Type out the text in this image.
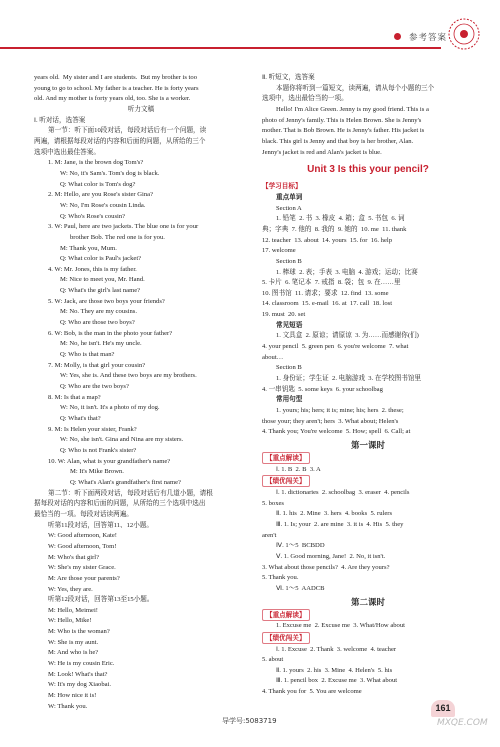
参考答案
years old.  My sister and I are students.  But my brother is too
young to go to school. My father is a teacher. He is forty years
old. And my mother is forty years old, too. She is a worker.
听力文稿
Ⅰ. 听对话，选答案
第一节：听下面10段对话，每段对话后有一个问题，读
两遍，请根据每段对话的内容和后面的问题，从所给的三个
选项中选出最佳答案。
1. M: Jane, is the brown dog Tom's?
W: No, it's Sam's. Tom's dog is black.
Q: What color is Tom's dog?
2. M: Hello, are you Rose's sister Gina?
W: No, I'm Rose's cousin Linda.
Q: Who's Rose's cousin?
3. W: Paul, here are two jackets. The blue one is for your
brother Bob. The red one is for you.
M: Thank you, Mum.
Q: What color is Paul's jacket?
4. W: Mr. Jones, this is my father.
M: Nice to meet you, Mr. Hand.
Q: What's the girl's last name?
5. W: Jack, are those two boys your friends?
M: No. They are my cousins.
Q: Who are those two boys?
6. W: Bob, is the man in the photo your father?
M: No, he isn't. He's my uncle.
Q: Who is that man?
7. M: Molly, is that girl your cousin?
W: Yes, she is. And these two boys are my brothers.
Q: Who are the two boys?
8. M: Is that a map?
W: No, it isn't. It's a photo of my dog.
Q: What's that?
9. M: Is Helen your sister, Frank?
W: No, she isn't. Gina and Nina are my sisters.
Q: Who is not Frank's sister?
10. W: Alan, what is your grandfather's name?
M: It's Mike Brown.
Q: What's Alan's grandfather's first name?
第二节：听下面两段对话，每段对话后有几道小题，请根
据每段对话的内容和后面的问题，从所给的三个选项中选出
最恰当的一项。每段对话读两遍。
听第11段对话，回答第11、12小题。
W: Good afternoon, Kate!
W: Good afternoon, Tom!
M: Who's that girl?
W: She's my sister Grace.
M: Are those your parents?
W: Yes, they are.
听第12段对话，回答第13至15小题。
M: Hello, Meimei!
W: Hello, Mike!
M: Who is the woman?
W: She is my aunt.
M: And who is he?
W: He is my cousin Eric.
M: Look! What's that?
W: It's my dog Xiaobai.
M: How nice it is!
W: Thank you.
Ⅱ. 听短文，选答案
本题你将听到一篇短文，读两遍，请从每个小题的三个
选项中，选出最恰当的一项。
Hello! I'm Alice Green. Jenny is my good friend. This is a
photo of Jenny's family. This is Helen Brown. She is Jenny's
mother. That is Bob Brown. He is Jenny's father. His jacket is
black. This girl is Jenny and that boy is her brother, Alan.
Jenny's jacket is red and Alan's jacket is blue.
Unit 3 Is this your pencil?
【学习目标】
重点单词
Section A
1. 铅笔  2. 书  3. 橡皮  4. 箱；盒  5. 书包  6. 词
典；字典  7. 他的  8. 我的  9. 她的  10. me  11. thank
12. teacher  13. about  14. yours  15. for  16. help
17. welcome
Section B
1. 棒球  2. 表；手表  3. 电脑  4. 游戏；运动；比赛
5. 卡片  6. 笔记本  7. 戒指  8. 袋；包  9. 在……里
10. 图书馆  11. 请求；要求  12. find  13. some
14. classroom  15. e-mail  16. at  17. call  18. lost
19. must  20. set
常见短语
1. 文具盒  2. 原谅；请原谅  3. 为……而感谢你(们)
4. your pencil  5. green pen  6. you're welcome  7. what
about…
Section B
1. 身份证；学生证  2. 电脑游戏  3. 在学校图书馆里
4. 一串钥匙  5. some keys  6. your schoolbag
常用句型
1. yours; his; hers; it is; mine; his; hers  2. these;
those your; they aren't; hers  3. What about; Helen's
4. Thank you; You're welcome  5. How; spell  6. Call; at
第一课时
【重点解读】
Ⅰ. 1. B  2. B  3. A
【绩优闯关】
Ⅰ. 1. dictionaries  2. schoolbag  3. eraser  4. pencils
5. boxes
Ⅱ. 1. his  2. Mine  3. hers  4. books  5. rulers
Ⅲ. 1. Is; your  2. are mine  3. it is  4. His  5. they
aren't
Ⅳ. 1～5  BCBDD
Ⅴ. 1. Good morning, Jane!  2. No, it isn't.
3. What about those pencils?  4. Are they yours?
5. Thank you.
Ⅵ. 1～5  AADCB
第二课时
【重点解读】
1. Excuse me  2. Excuse me  3. What/How about
【绩优闯关】
Ⅰ. 1. Excuse  2. Thank  3. welcome  4. teacher
5. about
Ⅱ. 1. yours  2. his  3. Mine  4. Helen's  5. his
Ⅲ. 1. pencil box  2. Excuse me  3. What about
4. Thank you for  5. You are welcome
导学号:5083719
161
MXQE.COM
